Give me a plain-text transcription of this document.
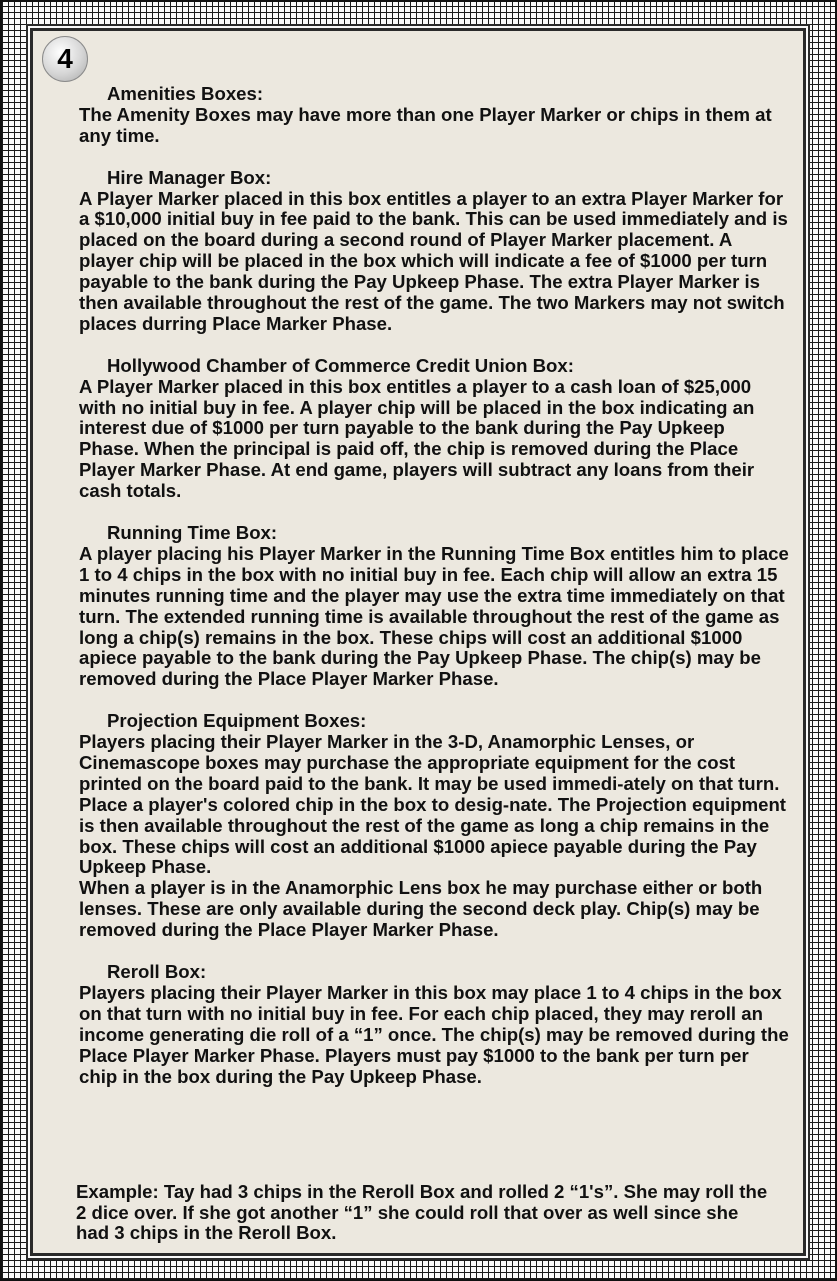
4
Amenities Boxes:

The Amenity Boxes may have more than one Player Marker or chips in them at any time.

Hire Manager Box:

A Player Marker placed in this box entitles a player to an extra Player Marker for a $10,000 initial buy in fee paid to the bank. This can be used immediately and is placed on the board during a second round of Player Marker placement. A player chip will be placed in the box which will indicate a fee of $1000 per turn payable to the bank during the Pay Upkeep Phase. The extra Player Marker is then available throughout the rest of the game. The two Markers may not switch places durring Place Marker Phase.

Hollywood Chamber of Commerce Credit Union Box:

A Player Marker placed in this box entitles a player to a cash loan of $25,000 with no initial buy in fee. A player chip will be placed in the box indicating an interest due of $1000 per turn payable to the bank during the Pay Upkeep Phase. When the principal is paid off, the chip is removed during the Place Player Marker Phase. At end game, players will subtract any loans from their cash totals.

Running Time Box:

A player placing his Player Marker in the Running Time Box entitles him to place 1 to 4 chips in the box with no initial buy in fee. Each chip will allow an extra 15 minutes running time and the player may use the extra time immediately on that turn. The extended running time is available throughout the rest of the game as long a chip(s) remains in the box. These chips will cost an additional $1000 apiece payable to the bank during the Pay Upkeep Phase. The chip(s) may be removed during the Place Player Marker Phase.

Projection Equipment Boxes:

Players placing their Player Marker in the 3-D, Anamorphic Lenses, or Cinemascope boxes may purchase the appropriate equipment for the cost printed on the board paid to the bank. It may be used immedi-ately on that turn. Place a player's colored chip in the box to desig-nate. The Projection equipment is then available throughout the rest of the game as long a chip remains in the box. These chips will cost an additional $1000 apiece payable during the Pay Upkeep Phase.

When a player is in the Anamorphic Lens box he may purchase either or both lenses. These are only available during the second deck play. Chip(s) may be removed during the Place Player Marker Phase.

Reroll Box:

Players placing their Player Marker in this box may place 1 to 4 chips in the box on that turn with no initial buy in fee. For each chip placed, they may reroll an income generating die roll of a “1” once. The chip(s) may be removed during the Place Player Marker Phase. Players must pay $1000 to the bank per turn per chip in the box during the Pay Upkeep Phase.

Example: Tay had 3 chips in the Reroll Box and rolled 2 “1's”. She may roll the 2 dice over. If she got another “1” she could roll that over as well since she had 3 chips in the Reroll Box.
